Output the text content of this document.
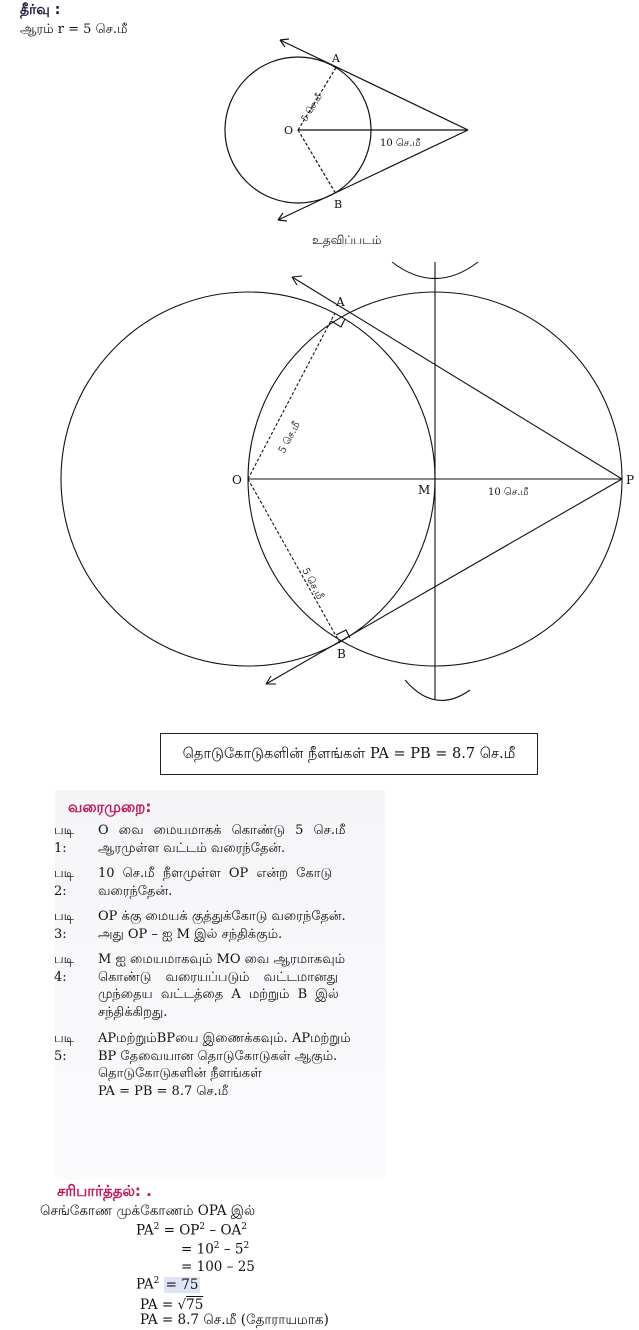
தீர்வு :
ஆரம் r = 5 செ.மீ
A
O
B
5 செ.மீ
10 செ.மீ
உதவிப்படம்
A
O
M
P
B
5 செ.மீ
5 செ.மீ
10 செ.மீ
தொடுகோடுகளின் நீளங்கள் PA = PB = 8.7 செ.மீ
வரைமுறை:
படி 1:
O வை மையமாகக் கொண்டு 5 செ.மீ
ஆரமுள்ள வட்டம் வரைந்தேன்.
படி 2:
10 செ.மீ நீளமுள்ள OP என்ற கோடு
வரைந்தேன்.
படி 3:
OP க்கு மையக் குத்துக்கோடு வரைந்தேன்.
அது OP – ஐ M இல் சந்திக்கும்.
படி 4:
M ஐ மையமாகவும் MO வை ஆரமாகவும்
கொண்டு வரையப்படும் வட்டமானது
முந்தைய வட்டத்தை A மற்றும் B இல்
சந்திக்கிறது.
படி 5:
APமற்றும்BPயை இணைக்கவும். APமற்றும்
BP தேவையான தொடுகோடுகள் ஆகும்.
தொடுகோடுகளின் நீளங்கள்
PA = PB = 8.7 செ.மீ
சரிபார்த்தல்: .
செங்கோண முக்கோணம் OPA இல்
$PA^2 = OP^2 - OA^2$
= $10^2 - 5^2$
= 100 – 25
$PA^2 = 75$
PA = √75
PA = 8.7 செ.மீ (தோராயமாக)
